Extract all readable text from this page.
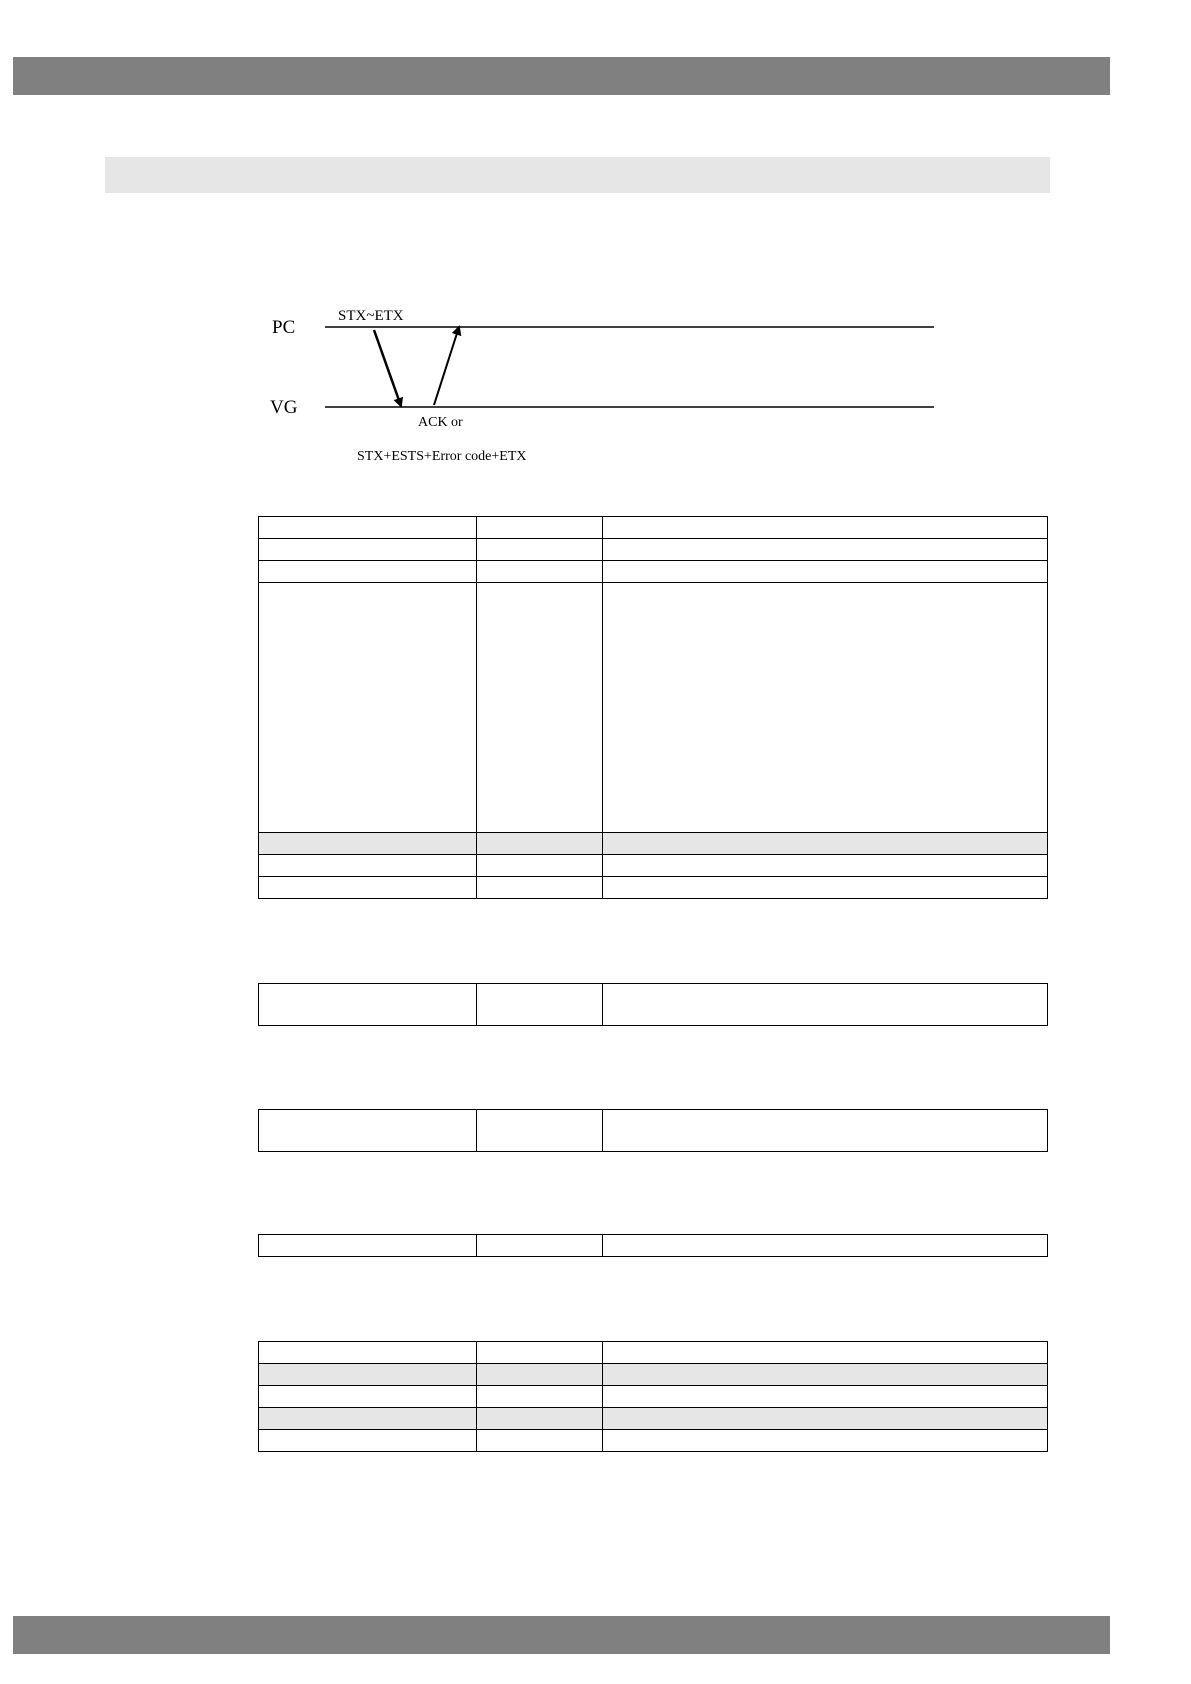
PC
VG
STX~ETX
ACK or
STX+ESTS+Error code+ETX
